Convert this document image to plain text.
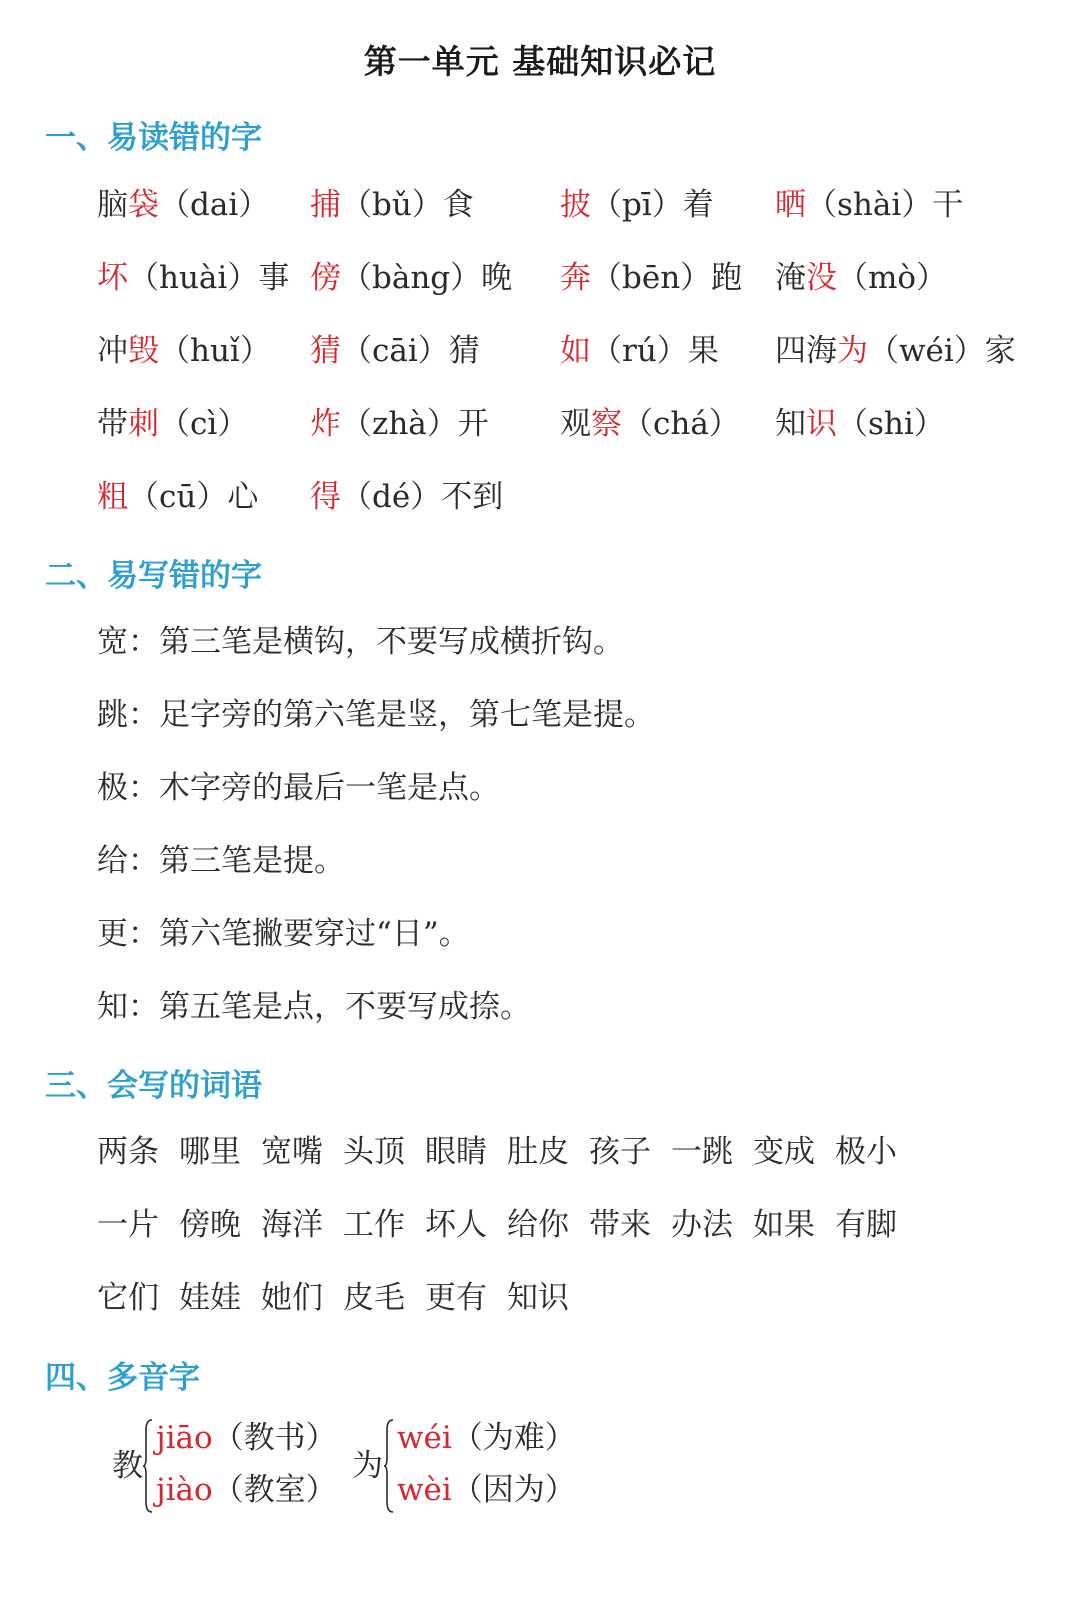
第一单元 基础知识必记
一、易读错的字
脑袋（dai） 捕（bǔ）食	披（pī）着 晒（shài）干
坏（huài）事 傍（bàng）晚 奔（bēn）跑 淹没（mò）
冲毁（huǐ） 猜（cāi）猜	如（rú）果 四海为（wéi）家
带刺（cì） 炸（zhà）开 观察（chá） 知识（shi）
粗（cū）心 得（dé）不到
二、易写错的字
宽：第三笔是横钩，不要写成横折钩。
跳：足字旁的第六笔是竖，第七笔是提。
极：木字旁的最后一笔是点。
给：第三笔是提。
更：第六笔撇要穿过“日”。
知：第五笔是点，不要写成捺。
三、会写的词语
两条 哪里 宽嘴 头顶 眼睛 肚皮 孩子 一跳 变成 极小
一片 傍晚 海洋 工作 坏人 给你 带来 办法 如果 有脚
它们 娃娃 她们 皮毛 更有 知识
四、多音字
教
jiāo（教书）
jiào（教室）
为
wéi（为难）
wèi（因为）
